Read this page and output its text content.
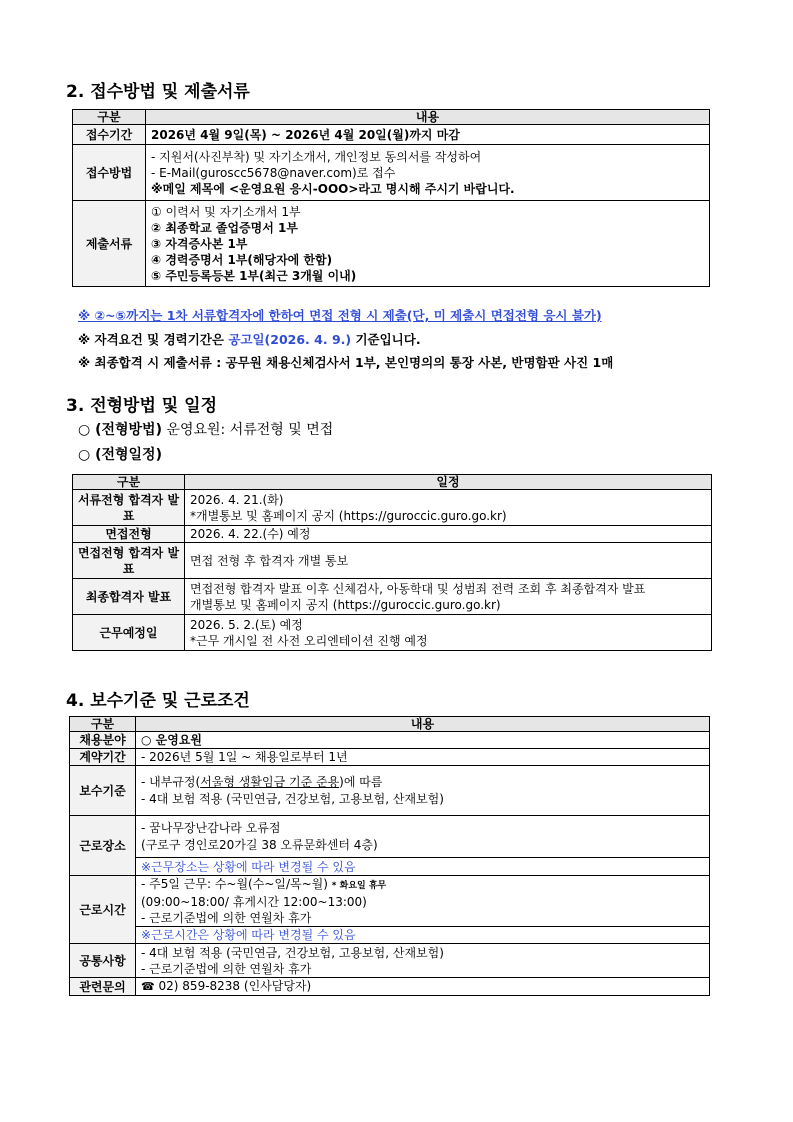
2. 접수방법 및 제출서류
구분	내용
접수기간	2026년 4월 9일(목) ~ 2026년 4월 20일(월)까지 마감
접수방법	- 지원서(사진부착) 및 자기소개서, 개인정보 동의서를 작성하여
- E-Mail(guroscc5678@naver.com)로 접수
※메일 제목에 <운영요원 응시-OOO>라고 명시해 주시기 바랍니다.

제출서류	① 이력서 및 자기소개서 1부
② 최종학교 졸업증명서 1부
③ 자격증사본 1부
④ 경력증명서 1부(해당자에 한함)
⑤ 주민등록등본 1부(최근 3개월 이내)
※ ②~⑤까지는 1차 서류합격자에 한하여 면접 전형 시 제출(단, 미 제출시 면접전형 응시 불가)
※ 자격요건 및 경력기간은 공고일(2026. 4. 9.) 기준입니다.
※ 최종합격 시 제출서류 : 공무원 채용신체검사서 1부, 본인명의의 통장 사본, 반명함판 사진 1매
3. 전형방법 및 일정
○ (전형방법) 운영요원: 서류전형 및 면접
○ (전형일정)
구분	일정
서류전형 합격자 발표	2026. 4. 21.(화)
*개별통보 및 홈페이지 공지 (https://guroccic.guro.go.kr)

면접전형	2026. 4. 22.(수) 예정
면접전형 합격자 발표	면접 전형 후 합격자 개별 통보
최종합격자 발표	면접전형 합격자 발표 이후 신체검사, 아동학대 및 성범죄 전력 조회 후 최종합격자 발표
개별통보 및 홈페이지 공지 (https://guroccic.guro.go.kr)

근무예정일	2026. 5. 2.(토) 예정
*근무 개시일 전 사전 오리엔테이션 진행 예정
4. 보수기준 및 근로조건
구분	내용
채용분야	○ 운영요원
계약기간	- 2026년 5월 1일 ~ 채용일로부터 1년
보수기준	- 내부규정(서울형 생활임금 기준 준용)에 따름
- 4대 보험 적용 (국민연금, 건강보험, 고용보험, 산재보험)

근로장소	- 꿈나무장난감나라 오류점
(구로구 경인로20가길 38 오류문화센터 4층)

	※근무장소는 상황에 따라 변경될 수 있음
근로시간	- 주5일 근무: 수~월(수~일/목~월) * 화요일 휴무
(09:00~18:00/ 휴게시간 12:00~13:00)
- 근로기준법에 의한 연월차 휴가

	※근로시간은 상황에 따라 변경될 수 있음
공통사항	- 4대 보험 적용 (국민연금, 건강보험, 고용보험, 산재보험)
- 근로기준법에 의한 연월차 휴가

관련문의	☎ 02) 859-8238 (인사담당자)
